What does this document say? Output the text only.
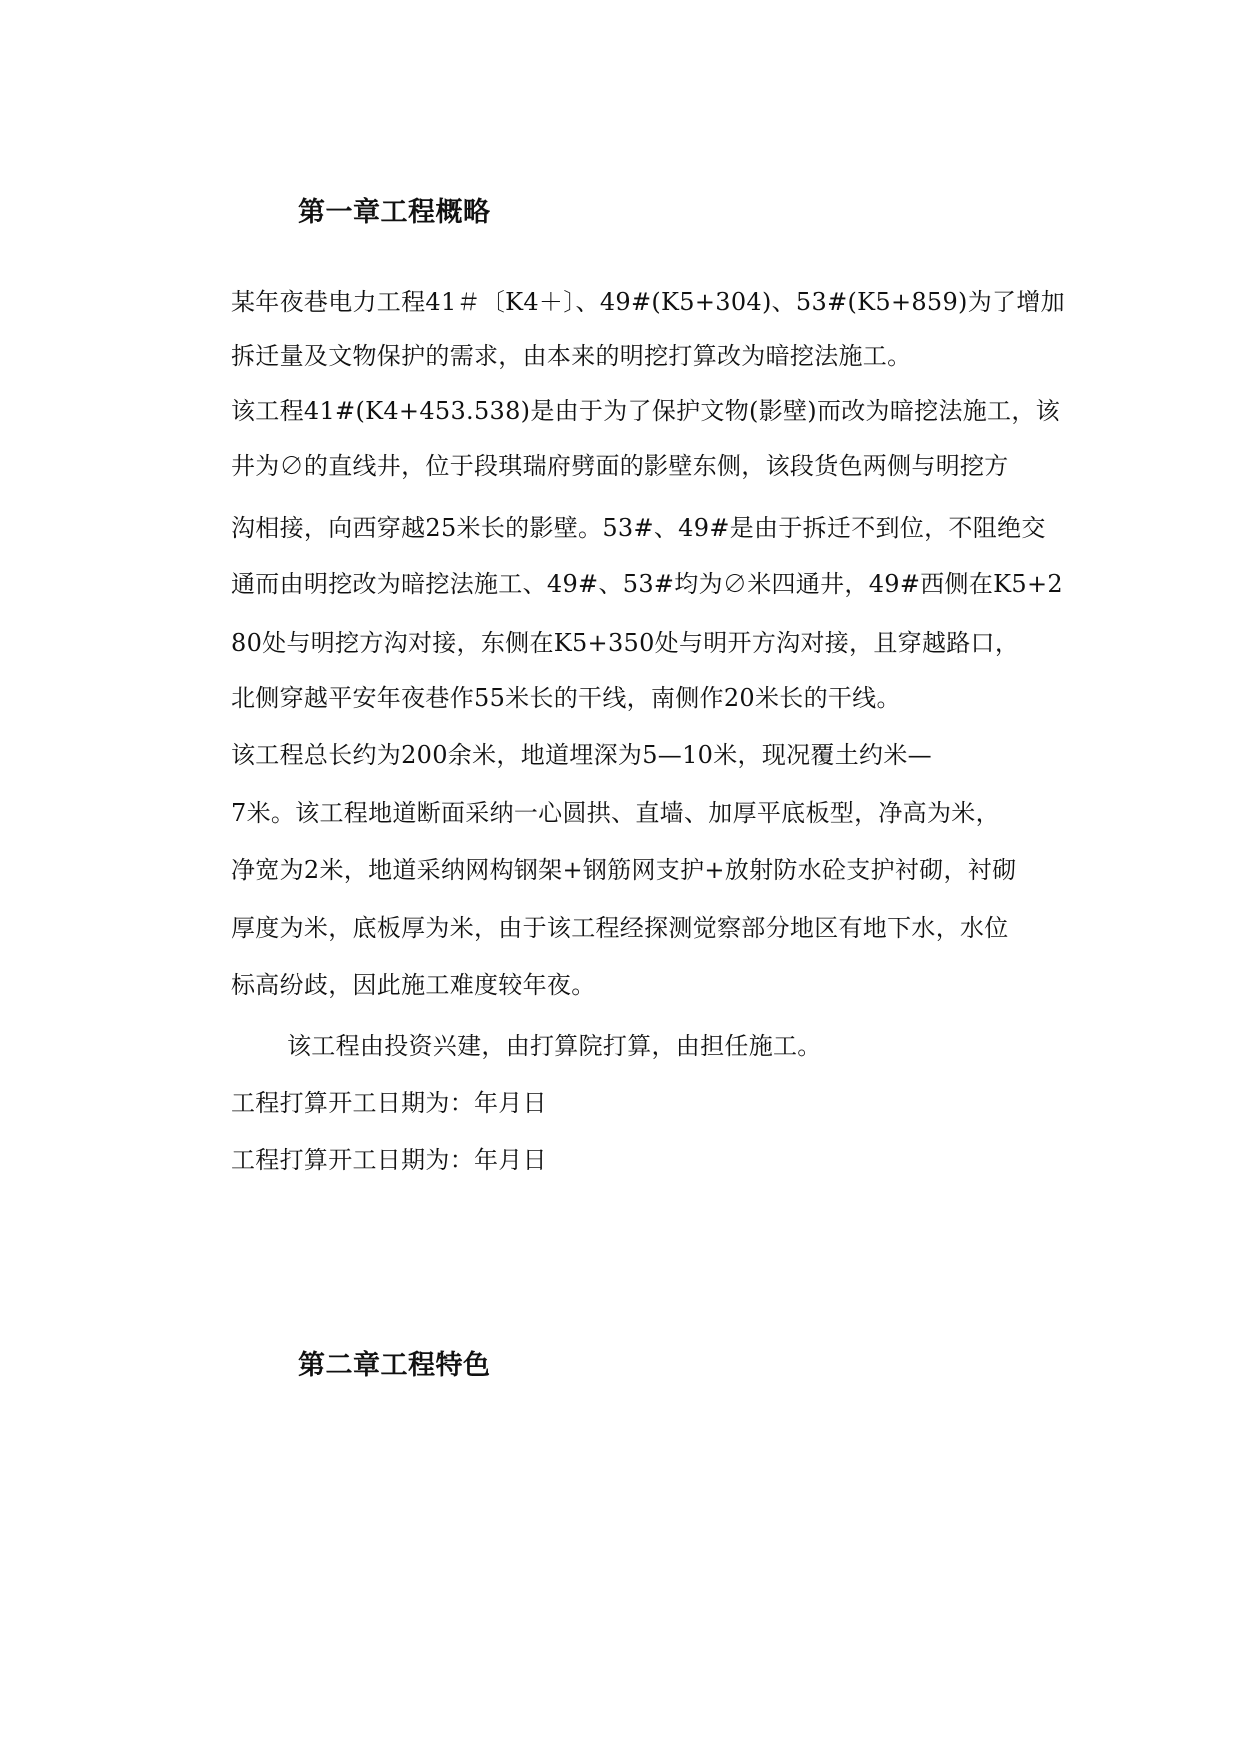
第一章工程概略

某年夜巷电力工程41＃〔K4＋〕、49#(K5+304)、53#(K5+859)为了增加

拆迁量及文物保护的需求，由本来的明挖打算改为暗挖法施工。

该工程41#(K4+453.538)是由于为了保护文物(影壁)而改为暗挖法施工，该

井为∅的直线井，位于段琪瑞府劈面的影壁东侧，该段货色两侧与明挖方

沟相接，向西穿越25米长的影壁。53#、49#是由于拆迁不到位，不阻绝交

通而由明挖改为暗挖法施工、49#、53#均为∅米四通井，49#西侧在K5+2

80处与明挖方沟对接，东侧在K5+350处与明开方沟对接，且穿越路口，

北侧穿越平安年夜巷作55米长的干线，南侧作20米长的干线。

该工程总长约为200余米，地道埋深为5—10米，现况覆土约米—

7米。该工程地道断面采纳一心圆拱、直墙、加厚平底板型，净高为米，

净宽为2米，地道采纳网构钢架+钢筋网支护+放射防水砼支护衬砌，衬砌

厚度为米，底板厚为米，由于该工程经探测觉察部分地区有地下水，水位

标高纷歧，因此施工难度较年夜。

该工程由投资兴建，由打算院打算，由担任施工。

工程打算开工日期为：年月日

工程打算开工日期为：年月日

第二章工程特色
